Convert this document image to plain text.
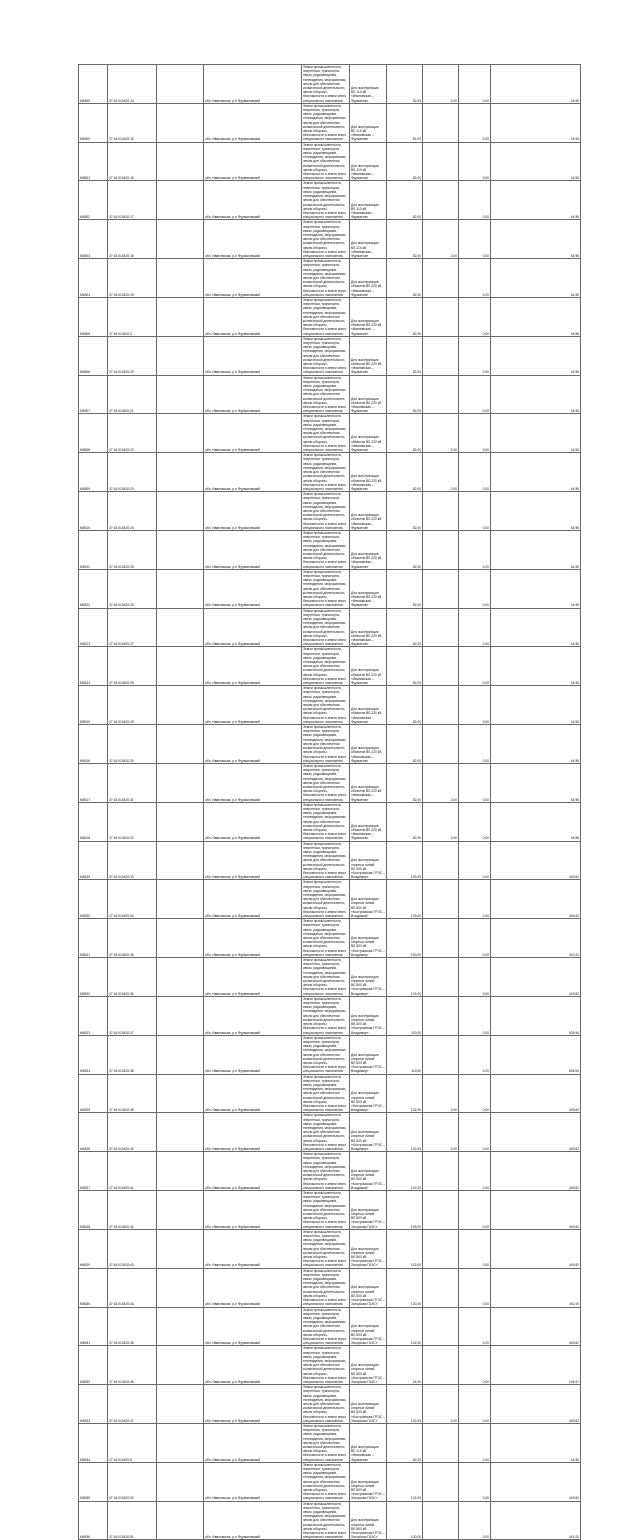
M6499	37:16:010420:14		обл. Ивановская, р-н Фурмановский	Земли промышленности, энергетики, транспорта, связи, радиовещания, телевидения, информатики, земли для обеспечения космической деятельности, земли обороны, безопасности и земли иного специального назначения	Для эксплуатации ВЛ-110 кВ «Ивановская – Фурманов»	82,00	2,00	0,00	44,96
M6500	37:16:010420:15		обл. Ивановская, р-н Фурмановский	Земли промышленности, энергетики, транспорта, связи, радиовещания, телевидения, информатики, земли для обеспечения космической деятельности, земли обороны, безопасности и земли иного специального назначения	Для эксплуатации ВЛ-110 кВ «Ивановская – Фурманов»	82,00		0,00	44,96
M6501	37:16:010420:16		обл. Ивановская, р-н Фурмановский	Земли промышленности, энергетики, транспорта, связи, радиовещания, телевидения, информатики, земли для обеспечения космической деятельности, земли обороны, безопасности и земли иного специального назначения	Для эксплуатации ВЛ-110 кВ «Ивановская – Фурманов»	82,00		0,00	44,96
M6502	37:16:010420:17		обл. Ивановская, р-н Фурмановский	Земли промышленности, энергетики, транспорта, связи, радиовещания, телевидения, информатики, земли для обеспечения космической деятельности, земли обороны, безопасности и земли иного специального назначения	Для эксплуатации ВЛ-110 кВ «Ивановская – Фурманов»	82,00		0,00	44,96
M6503	37:16:010420:18		обл. Ивановская, р-н Фурмановский	Земли промышленности, энергетики, транспорта, связи, радиовещания, телевидения, информатики, земли для обеспечения космической деятельности, земли обороны, безопасности и земли иного специального назначения	Для эксплуатации ВЛ-110 кВ «Ивановская – Фурманов»	82,00	2,00	0,00	44,96
M6504	37:16:010420:19		обл. Ивановская, р-н Фурмановский	Земли промышленности, энергетики, транспорта, связи, радиовещания, телевидения, информатики, земли для обеспечения космической деятельности, земли обороны, безопасности и земли иного специального назначения	Для эксплуатации объектов ВЛ-220 кВ «Ивановская – Фурманов»	82,00		0,00	44,96
M6505	37:16:010420:2		обл. Ивановская, р-н Фурмановский	Земли промышленности, энергетики, транспорта, связи, радиовещания, телевидения, информатики, земли для обеспечения космической деятельности, земли обороны, безопасности и земли иного специального назначения	Для эксплуатации объектов ВЛ-220 кВ «Ивановская – Фурманов»	82,00		0,00	44,96
M6506	37:16:010420:20		обл. Ивановская, р-н Фурмановский	Земли промышленности, энергетики, транспорта, связи, радиовещания, телевидения, информатики, земли для обеспечения космической деятельности, земли обороны, безопасности и земли иного специального назначения	Для эксплуатации объектов ВЛ-220 кВ «Ивановская – Фурманов»	82,00		0,00	44,96
M6507	37:16:010420:21		обл. Ивановская, р-н Фурмановский	Земли промышленности, энергетики, транспорта, связи, радиовещания, телевидения, информатики, земли для обеспечения космической деятельности, земли обороны, безопасности и земли иного специального назначения	Для эксплуатации объектов ВЛ-220 кВ «Ивановская – Фурманов»	82,00		0,00	44,96
M6508	37:16:010420:22		обл. Ивановская, р-н Фурмановский	Земли промышленности, энергетики, транспорта, связи, радиовещания, телевидения, информатики, земли для обеспечения космической деятельности, земли обороны, безопасности и земли иного специального назначения	Для эксплуатации объектов ВЛ-220 кВ «Ивановская – Фурманов»	82,00	2,00	0,00	44,96
M6509	37:16:010420:23		обл. Ивановская, р-н Фурмановский	Земли промышленности, энергетики, транспорта, связи, радиовещания, телевидения, информатики, земли для обеспечения космической деятельности, земли обороны, безопасности и земли иного специального назначения	Для эксплуатации объектов ВЛ-220 кВ «Ивановская – Фурманов»	82,00	2,00	0,00	44,96
M6510	37:16:010420:24		обл. Ивановская, р-н Фурмановский	Земли промышленности, энергетики, транспорта, связи, радиовещания, телевидения, информатики, земли для обеспечения космической деятельности, земли обороны, безопасности и земли иного специального назначения	Для эксплуатации объектов ВЛ-220 кВ «Ивановская – Фурманов»	82,00		0,00	44,96
M6511	37:16:010420:25		обл. Ивановская, р-н Фурмановский	Земли промышленности, энергетики, транспорта, связи, радиовещания, телевидения, информатики, земли для обеспечения космической деятельности, земли обороны, безопасности и земли иного специального назначения	Для эксплуатации объектов ВЛ-220 кВ «Ивановская – Фурманов»	82,00		0,00	44,96
M6512	37:16:010420:26		обл. Ивановская, р-н Фурмановский	Земли промышленности, энергетики, транспорта, связи, радиовещания, телевидения, информатики, земли для обеспечения космической деятельности, земли обороны, безопасности и земли иного специального назначения	Для эксплуатации объектов ВЛ-220 кВ «Ивановская – Фурманов»	82,00		0,00	44,96
M6513	37:16:010420:27		обл. Ивановская, р-н Фурмановский	Земли промышленности, энергетики, транспорта, связи, радиовещания, телевидения, информатики, земли для обеспечения космической деятельности, земли обороны, безопасности и земли иного специального назначения	Для эксплуатации объектов ВЛ-220 кВ «Ивановская – Фурманов»	82,00		0,00	44,96
M6514	37:16:010420:28		обл. Ивановская, р-н Фурмановский	Земли промышленности, энергетики, транспорта, связи, радиовещания, телевидения, информатики, земли для обеспечения космической деятельности, земли обороны, безопасности и земли иного специального назначения	Для эксплуатации объектов ВЛ-220 кВ «Ивановская – Фурманов»	82,00		0,00	44,96
M6515	37:16:010420:29		обл. Ивановская, р-н Фурмановский	Земли промышленности, энергетики, транспорта, связи, радиовещания, телевидения, информатики, земли для обеспечения космической деятельности, земли обороны, безопасности и земли иного специального назначения	Для эксплуатации объектов ВЛ-220 кВ «Ивановская – Фурманов»	82,00		0,00	44,96
M6516	37:16:010420:30		обл. Ивановская, р-н Фурмановский	Земли промышленности, энергетики, транспорта, связи, радиовещания, телевидения, информатики, земли для обеспечения космической деятельности, земли обороны, безопасности и земли иного специального назначения	Для эксплуатации объектов ВЛ-220 кВ «Ивановская – Фурманов»	82,00		0,00	44,96
M6517	37:16:010420:31		обл. Ивановская, р-н Фурмановский	Земли промышленности, энергетики, транспорта, связи, радиовещания, телевидения, информатики, земли для обеспечения космической деятельности, земли обороны, безопасности и земли иного специального назначения	Для эксплуатации объектов ВЛ-220 кВ «Ивановская – Фурманов»	82,00	2,00	0,00	44,96
M6518	37:16:010420:32		обл. Ивановская, р-н Фурмановский	Земли промышленности, энергетики, транспорта, связи, радиовещания, телевидения, информатики, земли для обеспечения космической деятельности, земли обороны, безопасности и земли иного специального назначения	Для эксплуатации объектов ВЛ-220 кВ «Ивановская – Фурманов»	82,00	2,00	0,00	44,96
M6519	37:16:010420:33		обл. Ивановская, р-н Фурмановский	Земли промышленности, энергетики, транспорта, связи, радиовещания, телевидения, информатики, земли для обеспечения космической деятельности, земли обороны, безопасности и земли иного специального назначения	Для эксплуатации опорных линий ВЛ-500 кВ «Костромская ГРЭС – Владимир»	109,00		0,00	449,60
M6520	37:16:010420:34		обл. Ивановская, р-н Фурмановский	Земли промышленности, энергетики, транспорта, связи, радиовещания, телевидения, информатики, земли для обеспечения космической деятельности, земли обороны, безопасности и земли иного специального назначения	Для эксплуатации опорных линий ВЛ-500 кВ «Костромская ГРЭС – Владимир»	109,00		0,00	449,60
M6521	37:16:010420:35		обл. Ивановская, р-н Фурмановский	Земли промышленности, энергетики, транспорта, связи, радиовещания, телевидения, информатики, земли для обеспечения космической деятельности, земли обороны, безопасности и земли иного специального назначения	Для эксплуатации опорных линий ВЛ-500 кВ «Костромская ГРЭС – Владимир»	100,00		0,00	441,00
M6522	37:16:010420:36		обл. Ивановская, р-н Фурмановский	Земли промышленности, энергетики, транспорта, связи, радиовещания, телевидения, информатики, земли для обеспечения космической деятельности, земли обороны, безопасности и земли иного специального назначения	Для эксплуатации опорных линий ВЛ-500 кВ «Костромская ГРЭС – Владимир»	102,00		0,00	449,82
M6523	37:16:010420:37		обл. Ивановская, р-н Фурмановский	Земли промышленности, энергетики, транспорта, связи, радиовещания, телевидения, информатики, земли для обеспечения космической деятельности, земли обороны, безопасности и земли иного специального назначения	Для эксплуатации опорных линий ВЛ-500 кВ «Костромская ГРЭС – Владимир»	119,00		0,00	526,94
M6524	37:16:010420:38		обл. Ивановская, р-н Фурмановский	Земли промышленности, энергетики, транспорта, связи, радиовещания, телевидения, информатики, земли для обеспечения космической деятельности, земли обороны, безопасности и земли иного специального назначения	Для эксплуатации опорных линий ВЛ-500 кВ «Костромская ГРЭС – Владимир»	119,00		0,00	526,94
M6525	37:16:010420:39		обл. Ивановская, р-н Фурмановский	Земли промышленности, энергетики, транспорта, связи, радиовещания, телевидения, информатики, земли для обеспечения космической деятельности, земли обороны, безопасности и земли иного специального назначения	Для эксплуатации опорных линий ВЛ-500 кВ «Костромская ГРЭС – Владимир»	102,00	2,00	0,00	449,82
M6526	37:16:010420:40		обл. Ивановская, р-н Фурмановский	Земли промышленности, энергетики, транспорта, связи, радиовещания, телевидения, информатики, земли для обеспечения космической деятельности, земли обороны, безопасности и земли иного специального назначения	Для эксплуатации опорных линий ВЛ-500 кВ «Костромская ГРЭС – Владимир»	102,00	2,00	0,00	449,82
M6527	37:16:010420:41		обл. Ивановская, р-н Фурмановский	Земли промышленности, энергетики, транспорта, связи, радиовещания, телевидения, информатики, земли для обеспечения космической деятельности, земли обороны, безопасности и земли иного специального назначения	Для эксплуатации опорных линий ВЛ-500 кВ «Костромская ГРЭС – Владимир»	102,00		0,00	449,82
M6528	37:16:010420:42		обл. Ивановская, р-н Фурмановский	Земли промышленности, энергетики, транспорта, связи, радиовещания, телевидения, информатики, земли для обеспечения космической деятельности, земли обороны, безопасности и земли иного специального назначения	Для эксплуатации опорных линий ВЛ-500 кВ «Костромская ГРЭС – Загорская ГАЭС»	109,00		0,00	449,60
M6529	37:16:010420:43		обл. Ивановская, р-н Фурмановский	Земли промышленности, энергетики, транспорта, связи, радиовещания, телевидения, информатики, земли для обеспечения космической деятельности, земли обороны, безопасности и земли иного специального назначения	Для эксплуатации опорных линий ВЛ-500 кВ «Костромская ГРЭС – Загорская ГАЭС»	102,00		0,00	449,82
M6530	37:16:010420:44		обл. Ивановская, р-н Фурмановский	Земли промышленности, энергетики, транспорта, связи, радиовещания, телевидения, информатики, земли для обеспечения космической деятельности, земли обороны, безопасности и земли иного специального назначения	Для эксплуатации опорных линий ВЛ-500 кВ «Костромская ГРЭС – Загорская ГАЭС»	100,00		0,00	441,00
M6531	37:16:010420:45		обл. Ивановская, р-н Фурмановский	Земли промышленности, энергетики, транспорта, связи, радиовещания, телевидения, информатики, земли для обеспечения космической деятельности, земли обороны, безопасности и земли иного специального назначения	Для эксплуатации опорных линий ВЛ-500 кВ «Костромская ГРЭС – Загорская ГАЭС»	102,00		0,00	449,82
M6532	37:16:010420:46		обл. Ивановская, р-н Фурмановский	Земли промышленности, энергетики, транспорта, связи, радиовещания, телевидения, информатики, земли для обеспечения космической деятельности, земли обороны, безопасности и земли иного специального назначения	Для эксплуатации опорных линий ВЛ-500 кВ «Костромская ГРЭС – Загорская ГАЭС»	24,00		0,00	105,97
M6533	37:16:010420:47		обл. Ивановская, р-н Фурмановский	Земли промышленности, энергетики, транспорта, связи, радиовещания, телевидения, информатики, земли для обеспечения космической деятельности, земли обороны, безопасности и земли иного специального назначения	Для эксплуатации опорных линий ВЛ-500 кВ «Костромская ГРЭС – Загорская ГАЭС»	102,00	2,00	0,00	449,82
M6534	37:16:010420:5		обл. Ивановская, р-н Фурмановский	Земли промышленности, энергетики, транспорта, связи, радиовещания, телевидения, информатики, земли для обеспечения космической деятельности, земли обороны, безопасности и земли иного специального назначения	Для эксплуатации ВЛ-110 кВ «Ивановская – Фурманов»	82,00		0,00	44,96
M6535	37:16:010420:50		обл. Ивановская, р-н Фурмановский	Земли промышленности, энергетики, транспорта, связи, радиовещания, телевидения, информатики, земли для обеспечения космической деятельности, земли обороны, безопасности и земли иного специального назначения	Для эксплуатации опорных линий ВЛ-500 кВ «Костромская ГРЭС – Загорская ГАЭС»	102,00		0,00	449,82
M6536	37:16:010420:51		обл. Ивановская, р-н Фурмановский	Земли промышленности, энергетики, транспорта, связи, радиовещания, телевидения, информатики, земли для обеспечения космической деятельности, земли обороны, безопасности и земли иного специального назначения	Для эксплуатации опорных линий ВЛ-500 кВ «Костромская ГРЭС – Загорская ГАЭС»	100,00		0,00	441,00
